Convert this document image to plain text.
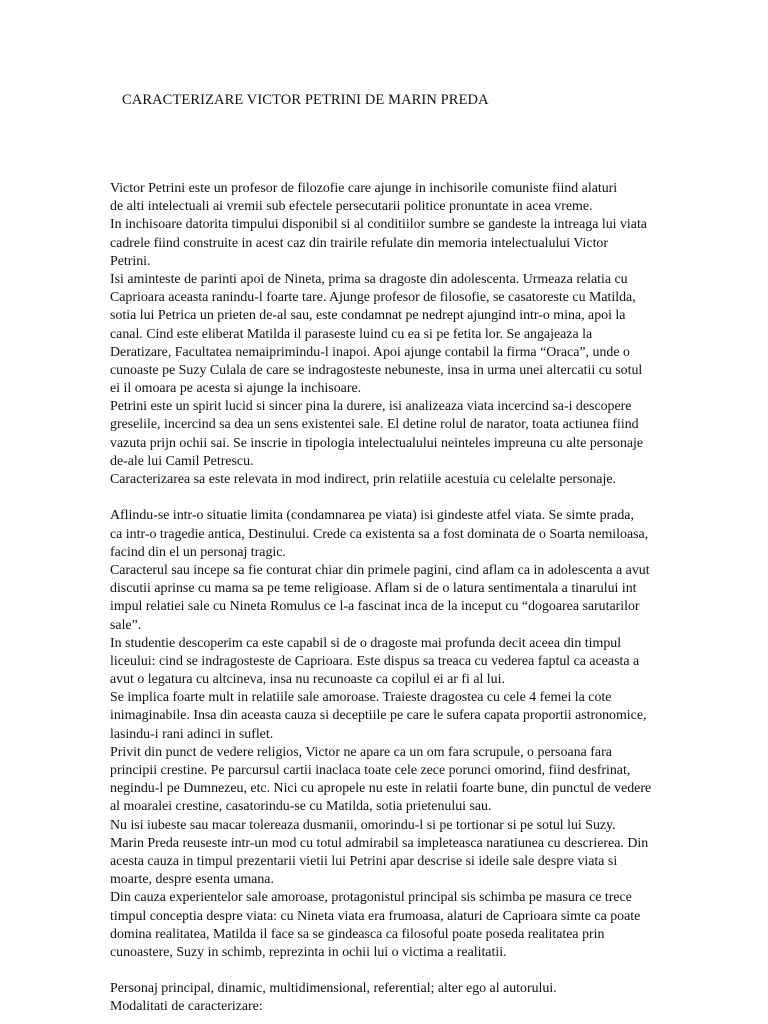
CARACTERIZARE VICTOR PETRINI DE MARIN PREDA
Victor Petrini este un profesor de filozofie care ajunge in inchisorile comuniste fiind alaturi
de alti intelectuali ai vremii sub efectele persecutarii politice pronuntate in acea vreme.
In inchisoare datorita timpului disponibil si al conditiilor sumbre se gandeste la intreaga lui viata
cadrele fiind construite in acest caz din trairile refulate din memoria intelectualului Victor
Petrini.
Isi aminteste de parinti apoi de Nineta, prima sa dragoste din adolescenta. Urmeaza relatia cu
Caprioara aceasta ranindu-l foarte tare. Ajunge profesor de filosofie, se casatoreste cu Matilda,
sotia lui Petrica un prieten de-al sau, este condamnat pe nedrept ajungind intr-o mina, apoi la
canal. Cind este eliberat Matilda il paraseste luind cu ea si pe fetita lor. Se angajeaza la
Deratizare, Facultatea nemaiprimindu-l inapoi. Apoi ajunge contabil la firma “Oraca”, unde o
cunoaste pe Suzy Culala de care se indragosteste nebuneste, insa in urma unei altercatii cu sotul
ei il omoara pe acesta si ajunge la inchisoare.
Petrini este un spirit lucid si sincer pina la durere, isi analizeaza viata incercind sa-i descopere
greselile, incercind sa dea un sens existentei sale. El detine rolul de narator, toata actiunea fiind
vazuta prijn ochii sai. Se inscrie in tipologia intelectualului neinteles impreuna cu alte personaje
de-ale lui Camil Petrescu.
Caracterizarea sa este relevata in mod indirect, prin relatiile acestuia cu celelalte personaje.
Aflindu-se intr-o situatie limita (condamnarea pe viata) isi gindeste atfel viata. Se simte prada,
ca intr-o tragedie antica, Destinului. Crede ca existenta sa a fost dominata de o Soarta nemiloasa,
facind din el un personaj tragic.
Caracterul sau incepe sa fie conturat chiar din primele pagini, cind aflam ca in adolescenta a avut
discutii aprinse cu mama sa pe teme religioase. Aflam si de o latura sentimentala a tinarului int
impul relatiei sale cu Nineta Romulus ce l-a fascinat inca de la inceput cu “dogoarea sarutarilor
sale”.
In studentie descoperim ca este capabil si de o dragoste mai profunda decit aceea din timpul
liceului: cind se indragosteste de Caprioara. Este dispus sa treaca cu vederea faptul ca aceasta a
avut o legatura cu altcineva, insa nu recunoaste ca copilul ei ar fi al lui.
Se implica foarte mult in relatiile sale amoroase. Traieste dragostea cu cele 4 femei la cote
inimaginabile. Insa din aceasta cauza si deceptiile pe care le sufera capata proportii astronomice,
lasindu-i rani adinci in suflet.
Privit din punct de vedere religios, Victor ne apare ca un om fara scrupule, o persoana fara
principii crestine. Pe parcursul cartii inaclaca toate cele zece porunci omorind, fiind desfrinat,
negindu-l pe Dumnezeu, etc. Nici cu apropele nu este in relatii foarte bune, din punctul de vedere
al moaralei crestine, casatorindu-se cu Matilda, sotia prietenului sau.
Nu isi iubeste sau macar tolereaza dusmanii, omorindu-l si pe tortionar si pe sotul lui Suzy.
Marin Preda reuseste intr-un mod cu totul admirabil sa impleteasca naratiunea cu descrierea. Din
acesta cauza in timpul prezentarii vietii lui Petrini apar descrise si ideile sale despre viata si
moarte, despre esenta umana.
Din cauza experientelor sale amoroase, protagonistul principal sis schimba pe masura ce trece
timpul conceptia despre viata: cu Nineta viata era frumoasa, alaturi de Caprioara simte ca poate
domina realitatea, Matilda il face sa se gindeasca ca filosoful poate poseda realitatea prin
cunoastere, Suzy in schimb, reprezinta in ochii lui o victima a realitatii.
Personaj principal, dinamic, multidimensional, referential; alter ego al autorului.
Modalitati de caracterizare:
